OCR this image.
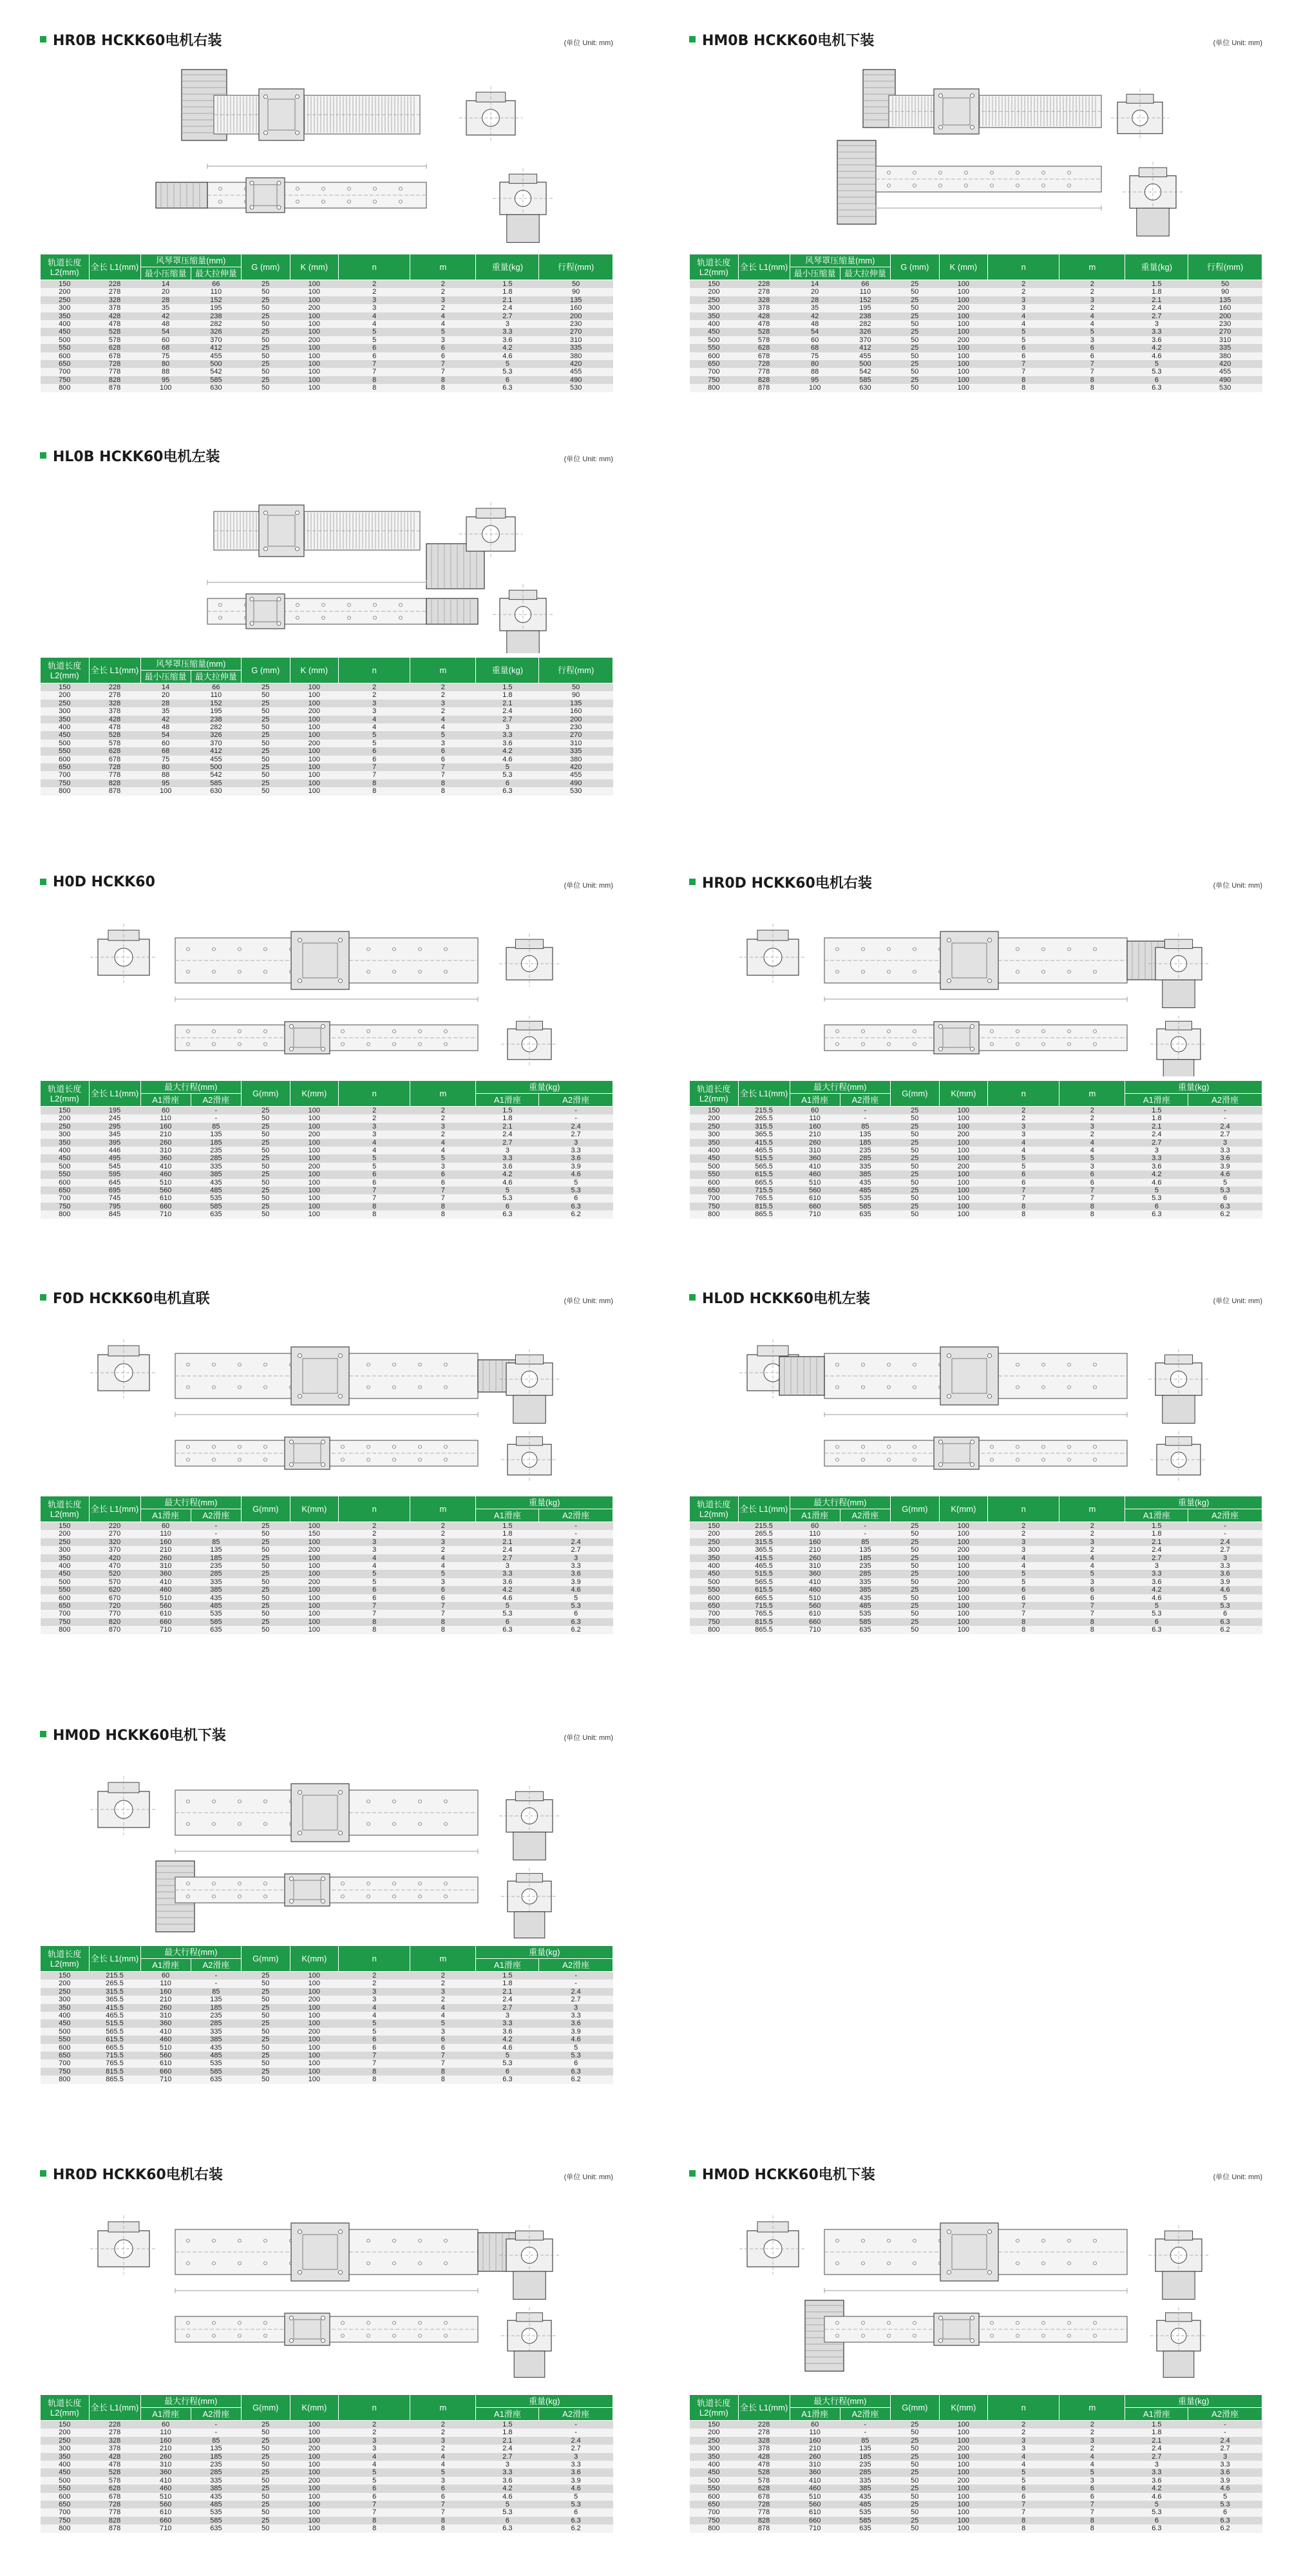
HR0B HCKK60电机右装	(单位 Unit: mm)
轨道长度 L2(mm)	全长 L1(mm)	风琴罩压缩量(mm)		G (mm)	K (mm)	n	m	重量(kg)	行程(mm)
		最小压缩量	最大拉伸量						
150	228	14	66	25	100	2	2	1.5	50
200	278	20	110	50	100	2	2	1.8	90
250	328	28	152	25	100	3	3	2.1	135
300	378	35	195	50	200	3	2	2.4	160
350	428	42	238	25	100	4	4	2.7	200
400	478	48	282	50	100	4	4	3	230
450	528	54	326	25	100	5	5	3.3	270
500	578	60	370	50	200	5	3	3.6	310
550	628	68	412	25	100	6	6	4.2	335
600	678	75	455	50	100	6	6	4.6	380
650	728	80	500	25	100	7	7	5	420
700	778	88	542	50	100	7	7	5.3	455
750	828	95	585	25	100	8	8	6	490
800	878	100	630	50	100	8	8	6.3	530
HM0B HCKK60电机下装	(单位 Unit: mm)
轨道长度 L2(mm)	全长 L1(mm)	风琴罩压缩量(mm)		G (mm)	K (mm)	n	m	重量(kg)	行程(mm)
		最小压缩量	最大拉伸量						
150	228	14	66	25	100	2	2	1.5	50
200	278	20	110	50	100	2	2	1.8	90
250	328	28	152	25	100	3	3	2.1	135
300	378	35	195	50	200	3	2	2.4	160
350	428	42	238	25	100	4	4	2.7	200
400	478	48	282	50	100	4	4	3	230
450	528	54	326	25	100	5	5	3.3	270
500	578	60	370	50	200	5	3	3.6	310
550	628	68	412	25	100	6	6	4.2	335
600	678	75	455	50	100	6	6	4.6	380
650	728	80	500	25	100	7	7	5	420
700	778	88	542	50	100	7	7	5.3	455
750	828	95	585	25	100	8	8	6	490
800	878	100	630	50	100	8	8	6.3	530
HL0B HCKK60电机左装	(单位 Unit: mm)
轨道长度 L2(mm)	全长 L1(mm)	风琴罩压缩量(mm)		G (mm)	K (mm)	n	m	重量(kg)	行程(mm)
		最小压缩量	最大拉伸量						
150	228	14	66	25	100	2	2	1.5	50
200	278	20	110	50	100	2	2	1.8	90
250	328	28	152	25	100	3	3	2.1	135
300	378	35	195	50	200	3	2	2.4	160
350	428	42	238	25	100	4	4	2.7	200
400	478	48	282	50	100	4	4	3	230
450	528	54	326	25	100	5	5	3.3	270
500	578	60	370	50	200	5	3	3.6	310
550	628	68	412	25	100	6	6	4.2	335
600	678	75	455	50	100	6	6	4.6	380
650	728	80	500	25	100	7	7	5	420
700	778	88	542	50	100	7	7	5.3	455
750	828	95	585	25	100	8	8	6	490
800	878	100	630	50	100	8	8	6.3	530
H0D HCKK60	(单位 Unit: mm)
轨道长度 L2(mm)	全长 L1(mm)	最大行程(mm)		G(mm)	K(mm)	n	m	重量(kg)	
		A1滑座	A2滑座					A1滑座	A2滑座
150	195	60	-	25	100	2	2	1.5	-
200	245	110	-	50	100	2	2	1.8	-
250	295	160	85	25	100	3	3	2.1	2.4
300	345	210	135	50	200	3	2	2.4	2.7
350	395	260	185	25	100	4	4	2.7	3
400	446	310	235	50	100	4	4	3	3.3
450	495	360	285	25	100	5	5	3.3	3.6
500	545	410	335	50	200	5	3	3.6	3.9
550	595	460	385	25	100	6	6	4.2	4.6
600	645	510	435	50	100	6	6	4.6	5
650	695	560	485	25	100	7	7	5	5.3
700	745	610	535	50	100	7	7	5.3	6
750	795	660	585	25	100	8	8	6	6.3
800	845	710	635	50	100	8	8	6.3	6.2
HR0D HCKK60电机右装	(单位 Unit: mm)
轨道长度 L2(mm)	全长 L1(mm)	最大行程(mm)		G(mm)	K(mm)	n	m	重量(kg)	
		A1滑座	A2滑座					A1滑座	A2滑座
150	215.5	60	-	25	100	2	2	1.5	-
200	265.5	110	-	50	100	2	2	1.8	-
250	315.5	160	85	25	100	3	3	2.1	2.4
300	365.5	210	135	50	200	3	2	2.4	2.7
350	415.5	260	185	25	100	4	4	2.7	3
400	465.5	310	235	50	100	4	4	3	3.3
450	515.5	360	285	25	100	5	5	3.3	3.6
500	565.5	410	335	50	200	5	3	3.6	3.9
550	615.5	460	385	25	100	6	6	4.2	4.6
600	665.5	510	435	50	100	6	6	4.6	5
650	715.5	560	485	25	100	7	7	5	5.3
700	765.5	610	535	50	100	7	7	5.3	6
750	815.5	660	585	25	100	8	8	6	6.3
800	865.5	710	635	50	100	8	8	6.3	6.2
F0D HCKK60电机直联	(单位 Unit: mm)
轨道长度 L2(mm)	全长 L1(mm)	最大行程(mm)		G(mm)	K(mm)	n	m	重量(kg)	
		A1滑座	A2滑座					A1滑座	A2滑座
150	220	60	-	25	100	2	2	1.5	-
200	270	110	-	50	150	2	2	1.8	-
250	320	160	85	25	100	3	3	2.1	2.4
300	370	210	135	50	200	3	2	2.4	2.7
350	420	260	185	25	100	4	4	2.7	3
400	470	310	235	50	100	4	4	3	3.3
450	520	360	285	25	100	5	5	3.3	3.6
500	570	410	335	50	200	5	3	3.6	3.9
550	620	460	385	25	100	6	6	4.2	4.6
600	670	510	435	50	100	6	6	4.6	5
650	720	560	485	25	100	7	7	5	5.3
700	770	610	535	50	100	7	7	5.3	6
750	820	660	585	25	100	8	8	6	6.3
800	870	710	635	50	100	8	8	6.3	6.2
HL0D HCKK60电机左装	(单位 Unit: mm)
轨道长度 L2(mm)	全长 L1(mm)	最大行程(mm)		G(mm)	K(mm)	n	m	重量(kg)	
		A1滑座	A2滑座					A1滑座	A2滑座
150	215.5	60	-	25	100	2	2	1.5	-
200	265.5	110	-	50	100	2	2	1.8	-
250	315.5	160	85	25	100	3	3	2.1	2.4
300	365.5	210	135	50	200	3	2	2.4	2.7
350	415.5	260	185	25	100	4	4	2.7	3
400	465.5	310	235	50	100	4	4	3	3.3
450	515.5	360	285	25	100	5	5	3.3	3.6
500	565.5	410	335	50	200	5	3	3.6	3.9
550	615.5	460	385	25	100	6	6	4.2	4.6
600	665.5	510	435	50	100	6	6	4.6	5
650	715.5	560	485	25	100	7	7	5	5.3
700	765.5	610	535	50	100	7	7	5.3	6
750	815.5	660	585	25	100	8	8	6	6.3
800	865.5	710	635	50	100	8	8	6.3	6.2
HM0D HCKK60电机下装	(单位 Unit: mm)
轨道长度 L2(mm)	全长 L1(mm)	最大行程(mm)		G(mm)	K(mm)	n	m	重量(kg)	
		A1滑座	A2滑座					A1滑座	A2滑座
150	215.5	60	-	25	100	2	2	1.5	-
200	265.5	110	-	50	100	2	2	1.8	-
250	315.5	160	85	25	100	3	3	2.1	2.4
300	365.5	210	135	50	200	3	2	2.4	2.7
350	415.5	260	185	25	100	4	4	2.7	3
400	465.5	310	235	50	100	4	4	3	3.3
450	515.5	360	285	25	100	5	5	3.3	3.6
500	565.5	410	335	50	200	5	3	3.6	3.9
550	615.5	460	385	25	100	6	6	4.2	4.6
600	665.5	510	435	50	100	6	6	4.6	5
650	715.5	560	485	25	100	7	7	5	5.3
700	765.5	610	535	50	100	7	7	5.3	6
750	815.5	660	585	25	100	8	8	6	6.3
800	865.5	710	635	50	100	8	8	6.3	6.2
HR0D HCKK60电机右装	(单位 Unit: mm)
轨道长度 L2(mm)	全长 L1(mm)	最大行程(mm)		G(mm)	K(mm)	n	m	重量(kg)	
		A1滑座	A2滑座					A1滑座	A2滑座
150	228	60	-	25	100	2	2	1.5	-
200	278	110	-	50	100	2	2	1.8	-
250	328	160	85	25	100	3	3	2.1	2.4
300	378	210	135	50	200	3	2	2.4	2.7
350	428	260	185	25	100	4	4	2.7	3
400	478	310	235	50	100	4	4	3	3.3
450	528	360	285	25	100	5	5	3.3	3.6
500	578	410	335	50	200	5	3	3.6	3.9
550	628	460	385	25	100	6	6	4.2	4.6
600	678	510	435	50	100	6	6	4.6	5
650	728	560	485	25	100	7	7	5	5.3
700	778	610	535	50	100	7	7	5.3	6
750	828	660	585	25	100	8	8	6	6.3
800	878	710	635	50	100	8	8	6.3	6.2
HM0D HCKK60电机下装	(单位 Unit: mm)
轨道长度 L2(mm)	全长 L1(mm)	最大行程(mm)		G(mm)	K(mm)	n	m	重量(kg)	
		A1滑座	A2滑座					A1滑座	A2滑座
150	228	60	-	25	100	2	2	1.5	-
200	278	110	-	50	100	2	2	1.8	-
250	328	160	85	25	100	3	3	2.1	2.4
300	378	210	135	50	200	3	2	2.4	2.7
350	428	260	185	25	100	4	4	2.7	3
400	478	310	235	50	100	4	4	3	3.3
450	528	360	285	25	100	5	5	3.3	3.6
500	578	410	335	50	200	5	3	3.6	3.9
550	628	460	385	25	100	6	6	4.2	4.6
600	678	510	435	50	100	6	6	4.6	5
650	728	560	485	25	100	7	7	5	5.3
700	778	610	535	50	100	7	7	5.3	6
750	828	660	585	25	100	8	8	6	6.3
800	878	710	635	50	100	8	8	6.3	6.2
